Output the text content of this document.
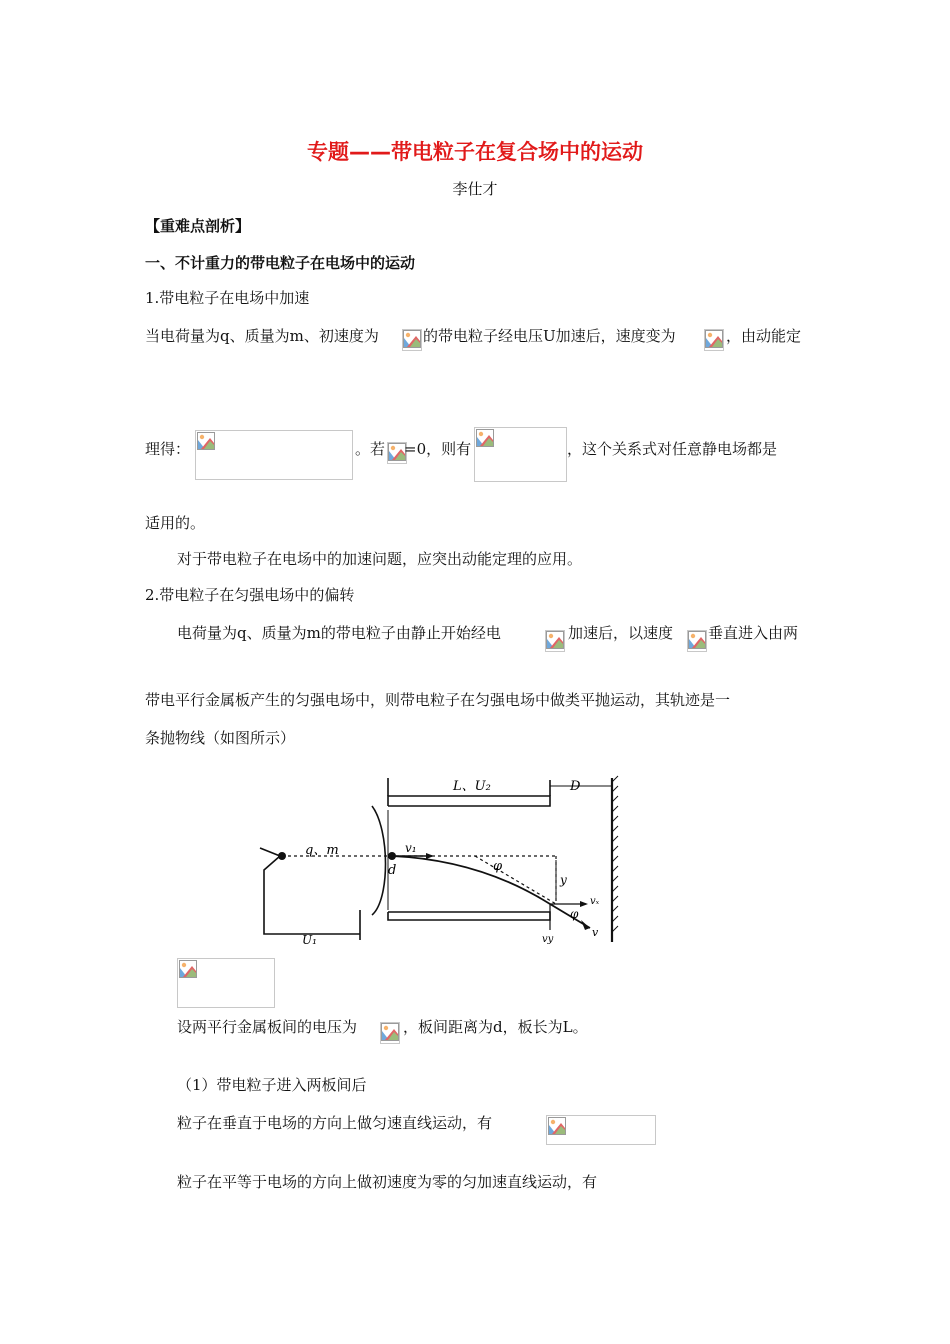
专题——带电粒子在复合场中的运动
李仕才
【重难点剖析】
一、不计重力的带电粒子在电场中的运动
1.带电粒子在电场中加速
当电荷量为q、质量为m、初速度为	的带电粒子经电压U加速后，速度变为	，由动能定
理得：	。若 =0，则有	，这个关系式对任意静电场都是
适用的。
对于带电粒子在电场中的加速问题，应突出动能定理的应用。
2.带电粒子在匀强电场中的偏转
电荷量为q、质量为m的带电粒子由静止开始经电	加速后，以速度 垂直进入由两
带电平行金属板产生的匀强电场中，则带电粒子在匀强电场中做类平抛运动，其轨迹是一
条抛物线（如图所示）
L、U₂	D
q、m	v₁
d	φ
y
φ
vₓ
vy
v
U₁
设两平行金属板间的电压为	，板间距离为d，板长为L。
（1）带电粒子进入两板间后
粒子在垂直于电场的方向上做匀速直线运动，有
粒子在平等于电场的方向上做初速度为零的匀加速直线运动，有
